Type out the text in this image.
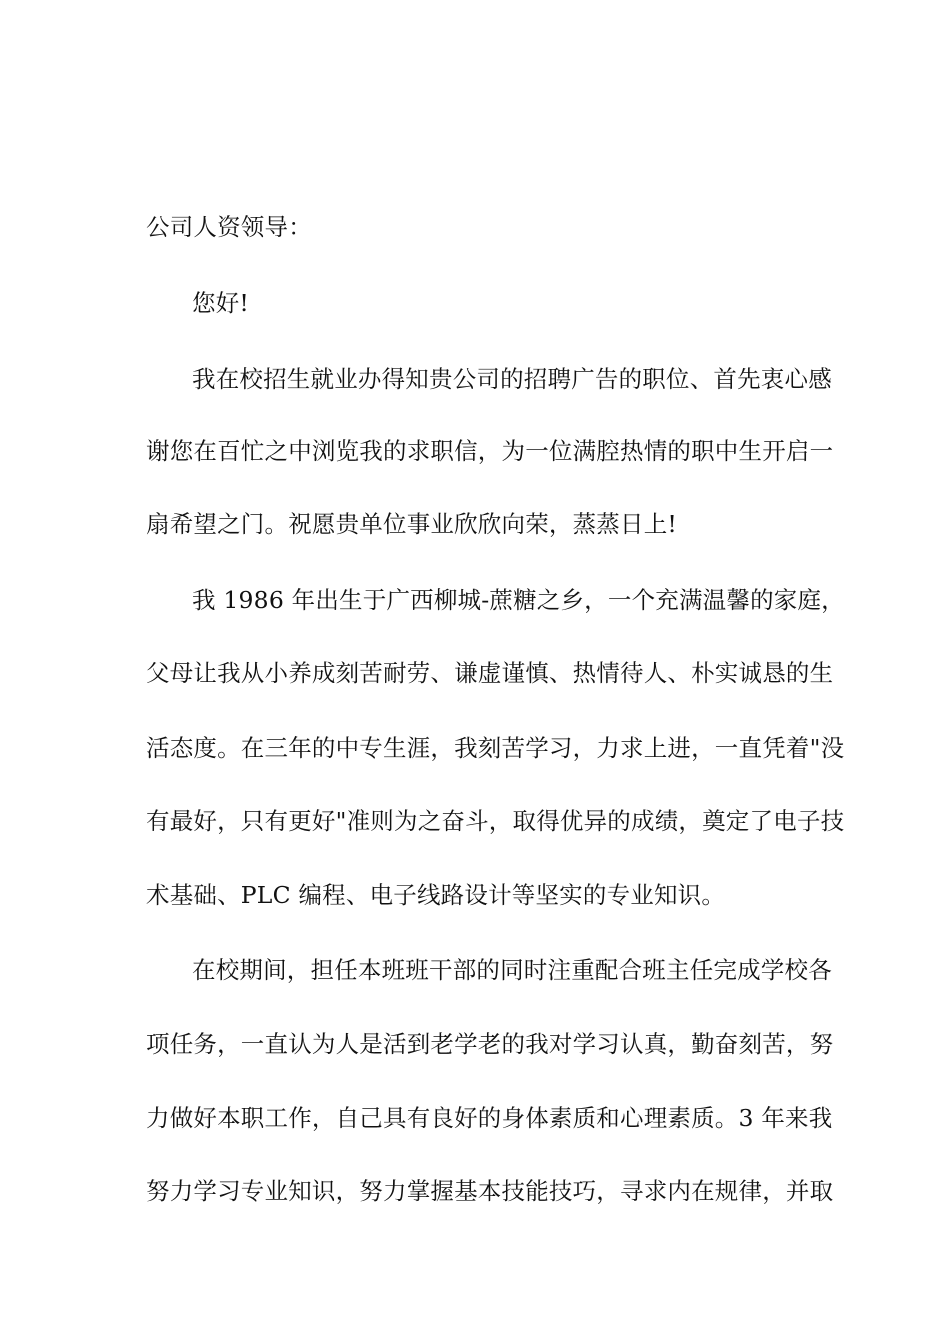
公司人资领导：
您好!
我在校招生就业办得知贵公司的招聘广告的职位、首先衷心感
谢您在百忙之中浏览我的求职信，为一位满腔热情的职中生开启一
扇希望之门。祝愿贵单位事业欣欣向荣，蒸蒸日上!
我 1986 年出生于广西柳城-蔗糖之乡，一个充满温馨的家庭，
父母让我从小养成刻苦耐劳、谦虚谨慎、热情待人、朴实诚恳的生
活态度。在三年的中专生涯，我刻苦学习，力求上进，一直凭着"没
有最好，只有更好"准则为之奋斗，取得优异的成绩，奠定了电子技
术基础、PLC 编程、电子线路设计等坚实的专业知识。
在校期间，担任本班班干部的同时注重配合班主任完成学校各
项任务，一直认为人是活到老学老的我对学习认真，勤奋刻苦，努
力做好本职工作，自己具有良好的身体素质和心理素质。3 年来我
努力学习专业知识，努力掌握基本技能技巧，寻求内在规律，并取
